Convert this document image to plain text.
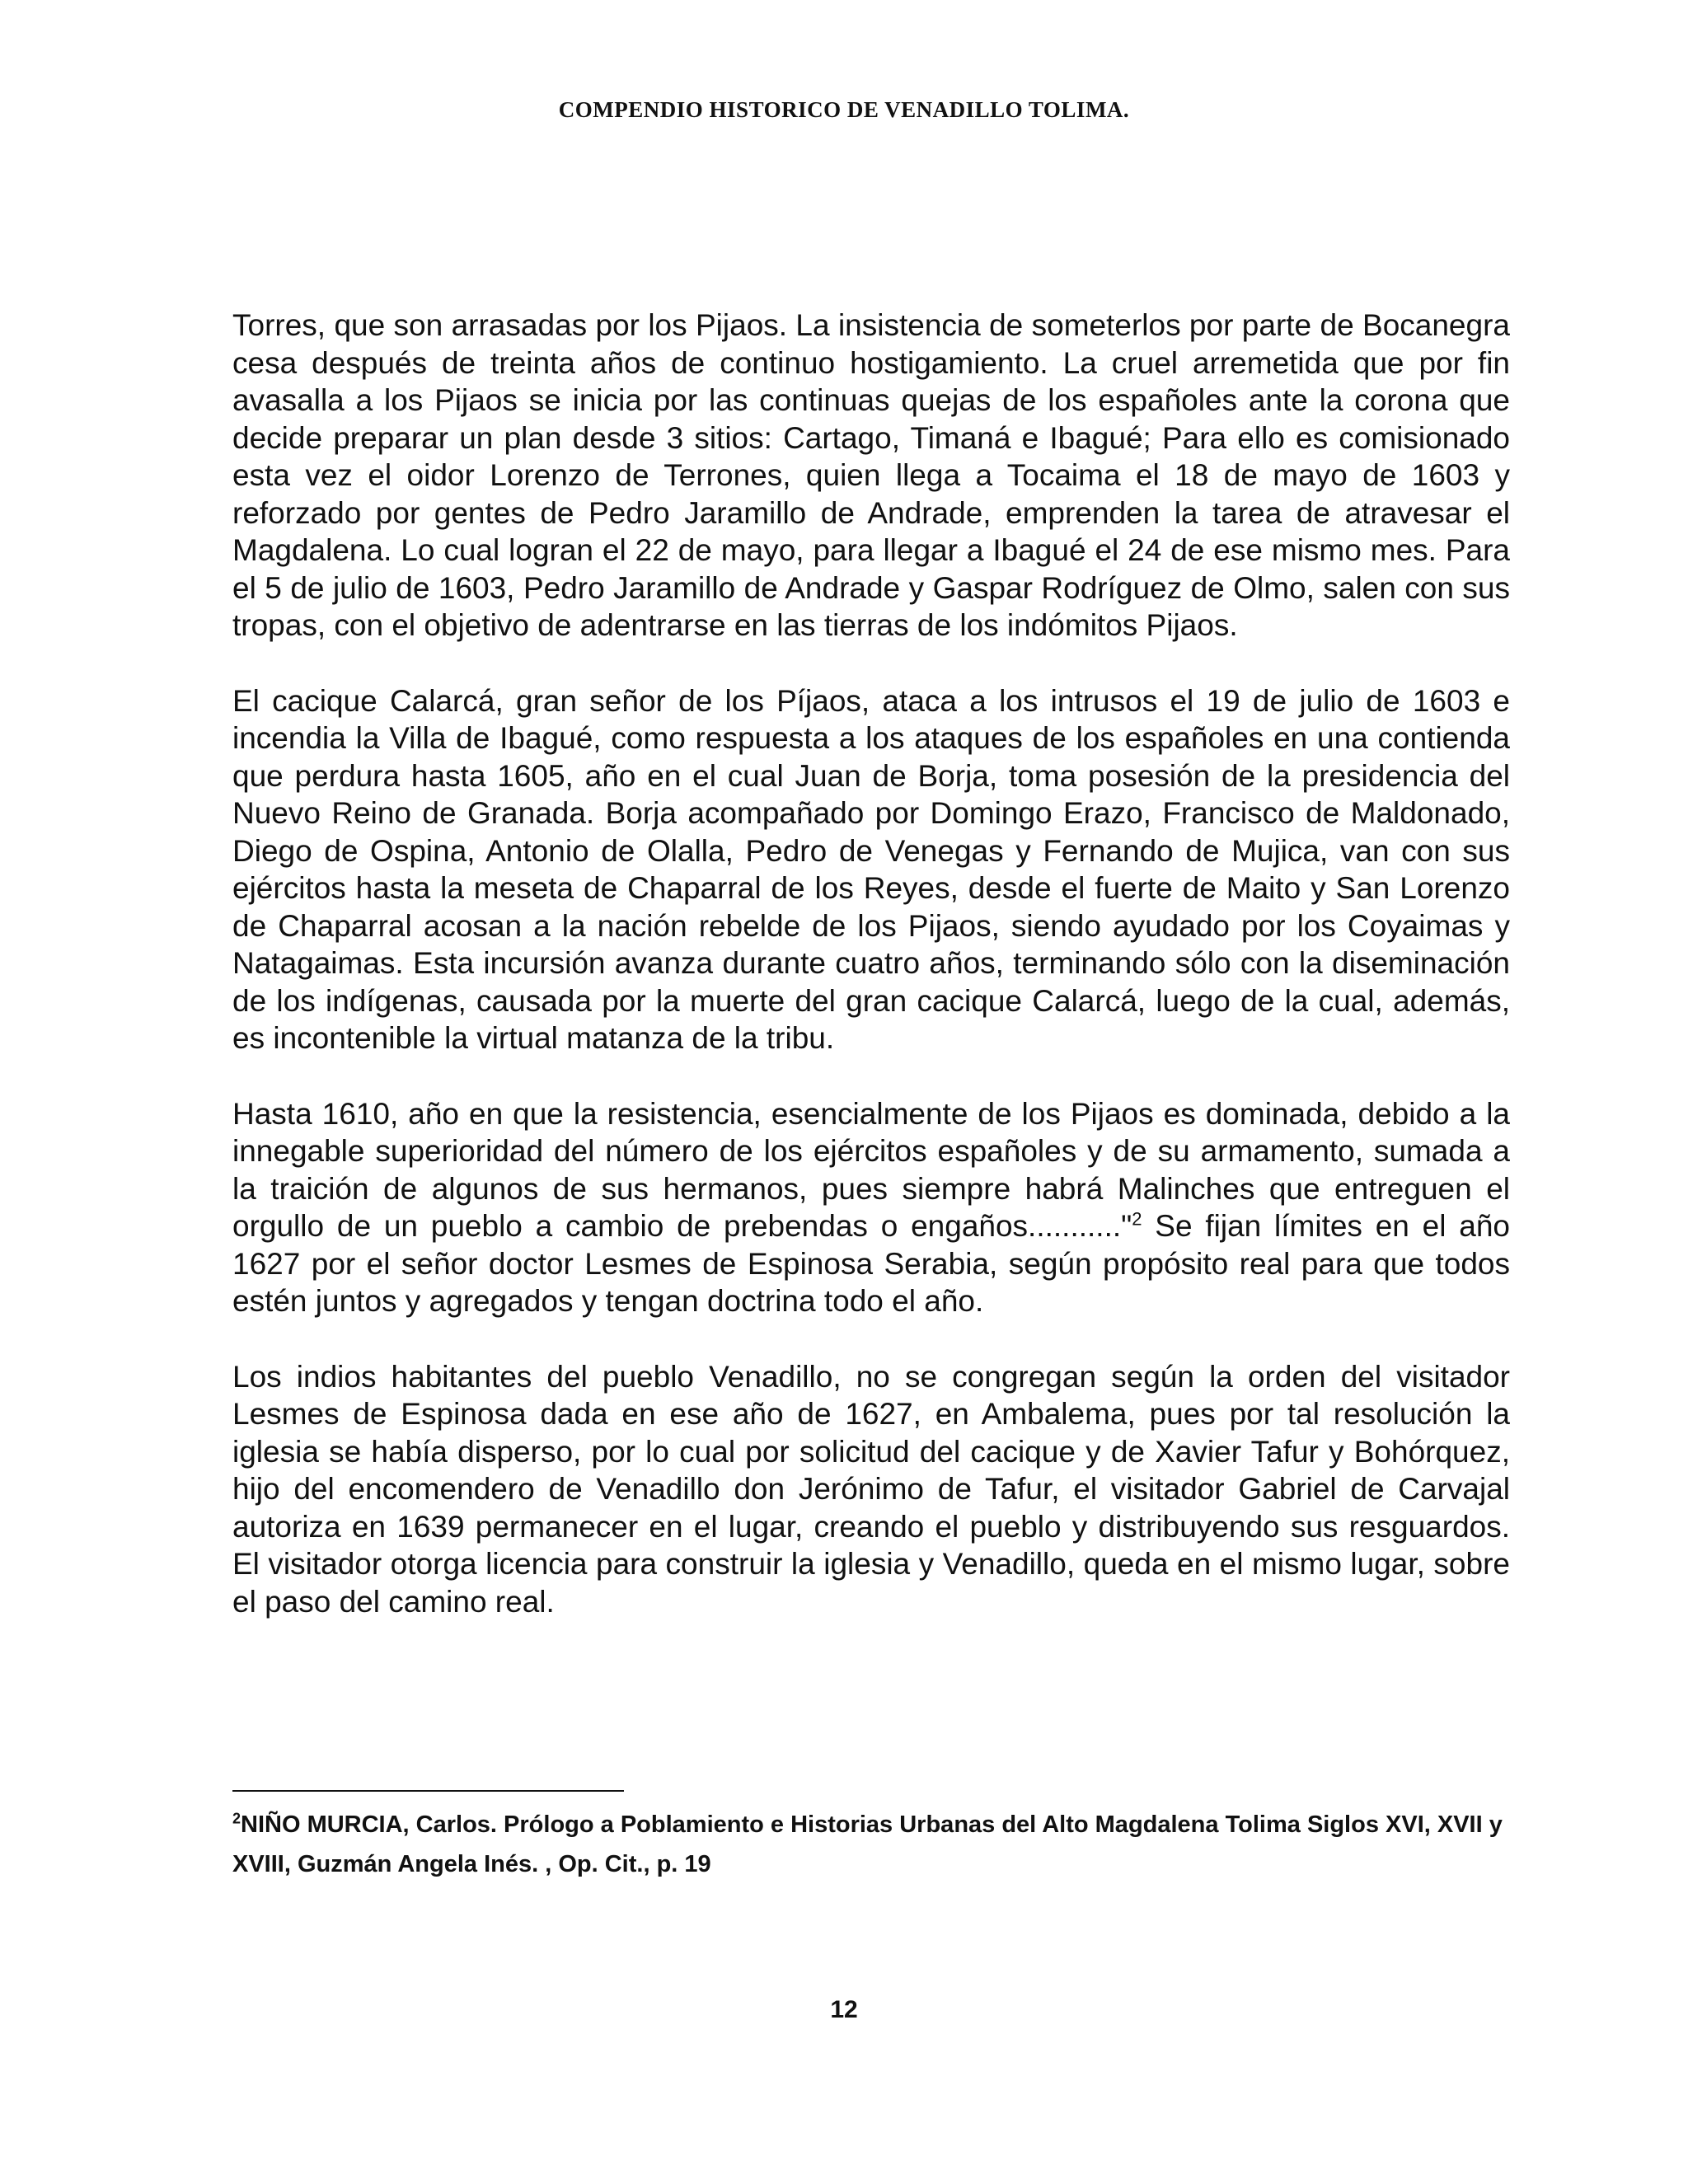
COMPENDIO HISTORICO DE VENADILLO TOLIMA.

Torres, que son arrasadas por los Pijaos. La insistencia de someterlos por parte de Bocanegra cesa después de treinta años de continuo hostigamiento. La cruel arremetida que por fin avasalla a los Pijaos se inicia por las continuas quejas de los españoles ante la corona que decide preparar un plan desde 3 sitios: Cartago, Timaná e Ibagué; Para ello es comisionado esta vez el oidor Lorenzo de Terrones, quien llega a Tocaima el 18 de mayo de 1603 y reforzado por gentes de Pedro Jaramillo de Andrade, emprenden la tarea de atravesar el Magdalena. Lo cual logran el 22 de mayo, para llegar a Ibagué el 24 de ese mismo mes. Para el 5 de julio de 1603, Pedro Jaramillo de Andrade y Gaspar Rodríguez de Olmo, salen con sus tropas, con el objetivo de adentrarse en las tierras de los indómitos Pijaos.

El cacique Calarcá, gran señor de los Píjaos, ataca a los intrusos el 19 de julio de 1603 e incendia la Villa de Ibagué, como respuesta a los ataques de los españoles en una contienda que perdura hasta 1605, año en el cual Juan de Borja, toma posesión de la presidencia del Nuevo Reino de Granada. Borja acompañado por Domingo Erazo, Francisco de Maldonado, Diego de Ospina, Antonio de Olalla, Pedro de Venegas y Fernando de Mujica, van con sus ejércitos hasta la meseta de Chaparral de los Reyes, desde el fuerte de Maito y San Lorenzo de Chaparral acosan a la nación rebelde de los Pijaos, siendo ayudado por los Coyaimas y Natagaimas. Esta incursión avanza durante cuatro años, terminando sólo con la diseminación de los indígenas, causada por la muerte del gran cacique Calarcá, luego de la cual, además, es incontenible la virtual matanza de la tribu.

Hasta 1610, año en que la resistencia, esencialmente de los Pijaos es dominada, debido a la innegable superioridad del número de los ejércitos españoles y de su armamento, sumada a la traición de algunos de sus hermanos, pues siempre habrá Malinches que entreguen el orgullo de un pueblo a cambio de prebendas o engaños..........."$^2$ Se fijan límites en el año 1627 por el señor doctor Lesmes de Espinosa Serabia, según propósito real para que todos estén juntos y agregados y tengan doctrina todo el año.

Los indios habitantes del pueblo Venadillo, no se congregan según la orden del visitador Lesmes de Espinosa dada en ese año de 1627, en Ambalema, pues por tal resolución la iglesia se había disperso, por lo cual por solicitud del cacique y de Xavier Tafur y Bohórquez, hijo del encomendero de Venadillo don Jerónimo de Tafur, el visitador Gabriel de Carvajal autoriza en 1639 permanecer en el lugar, creando el pueblo y distribuyendo sus resguardos. El visitador otorga licencia para construir la iglesia y Venadillo, queda en el mismo lugar, sobre el paso del camino real.

$^2$NIÑO MURCIA, Carlos. Prólogo a Poblamiento e Historias Urbanas del Alto Magdalena Tolima Siglos XVI, XVII y XVIII, Guzmán Angela Inés. , Op. Cit., p. 19
12
